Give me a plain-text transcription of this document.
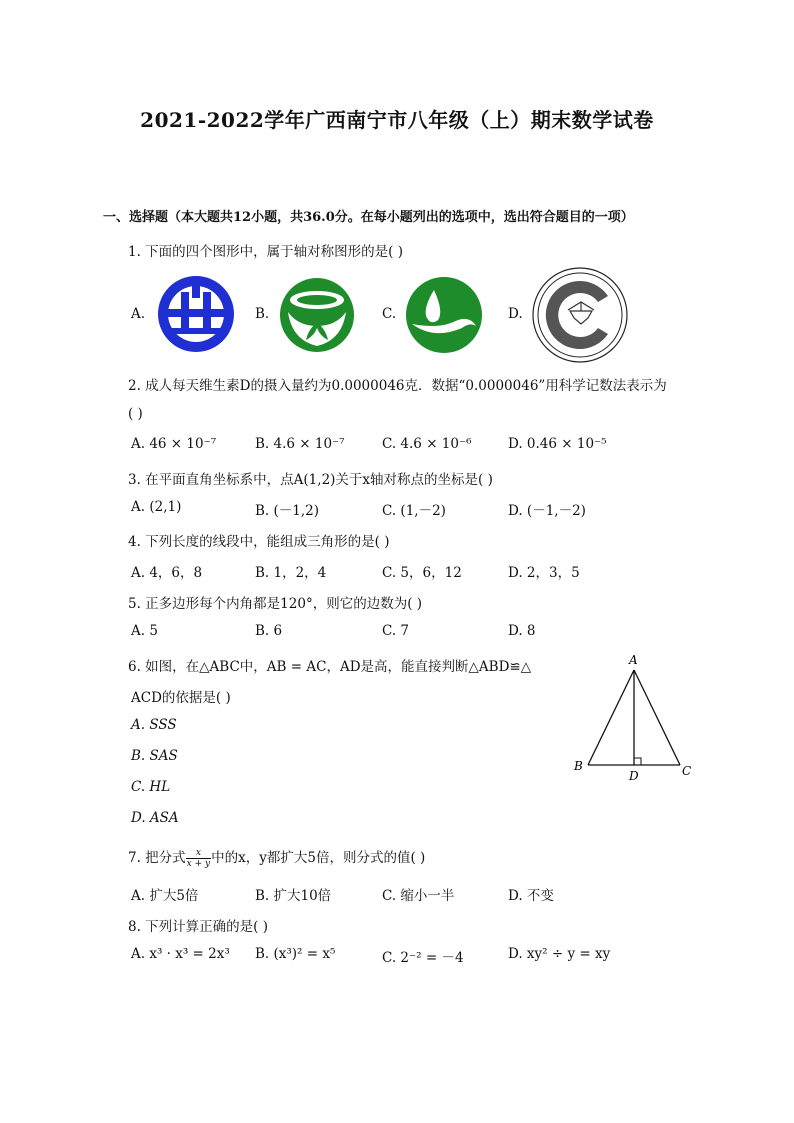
2021-2022学年广西南宁市八年级（上）期末数学试卷
一、选择题（本大题共12小题，共36.0分。在每小题列出的选项中，选出符合题目的一项）
1. 下面的四个图形中，属于轴对称图形的是( )
A.	B.	C.	D.
2. 成人每天维生素D的摄入量约为0.0000046克．数据“0.0000046”用科学记数法表示为
( )
A. 46 × 10⁻⁷	B. 4.6 × 10⁻⁷	C. 4.6 × 10⁻⁶	D. 0.46 × 10⁻⁵
3. 在平面直角坐标系中，点A(1,2)关于x轴对称点的坐标是( )
A. (2,1)	B. (－1,2)	C. (1,－2)	D. (－1,－2)
4. 下列长度的线段中，能组成三角形的是( )
A. 4，6，8	B. 1，2，4	C. 5，6，12	D. 2，3，5
5. 正多边形每个内角都是120°，则它的边数为( )
A. 5	B. 6	C. 7	D. 8
6. 如图，在△ABC中，AB = AC，AD是高，能直接判断△ABD≌△
ACD的依据是( )
A. SSS
B. SAS
C. HL
D. ASA
A
B	C
D
7. 把分式 $\frac{x}{x + y}$ 中的x，y都扩大5倍，则分式的值( )
A. 扩大5倍	B. 扩大10倍	C. 缩小一半	D. 不变
8. 下列计算正确的是( )
A. x³ · x³ = 2x³ B. (x³)² = x⁵	C. 2⁻² = －4	D. xy² ÷ y = xy
